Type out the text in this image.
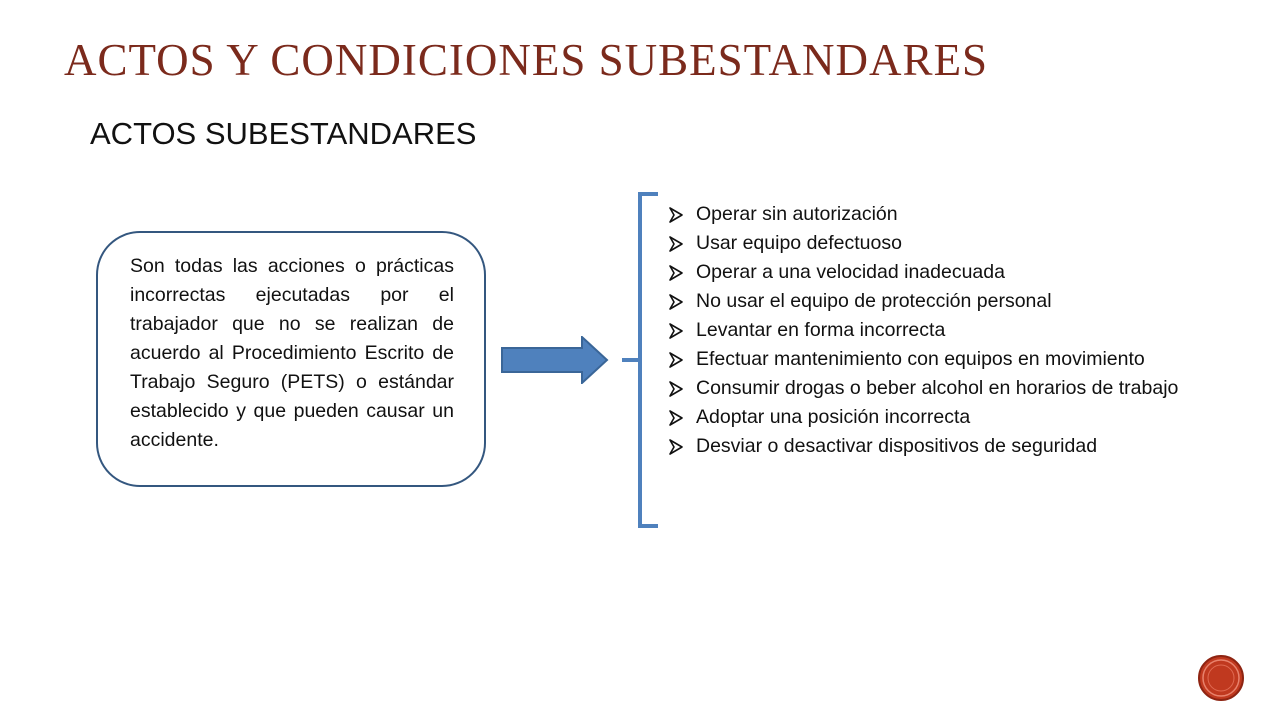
ACTOS Y CONDICIONES SUBESTANDARES
ACTOS SUBESTANDARES

Son todas las acciones o prácticas incorrectas ejecutadas por el trabajador que no se realizan de acuerdo al Procedimiento Escrito de Trabajo Seguro (PETS) o estándar establecido y que pueden causar un accidente.

Operar sin autorización
Usar equipo defectuoso
Operar a una velocidad inadecuada
No usar el equipo de protección personal
Levantar en forma incorrecta
Efectuar mantenimiento con equipos en movimiento
Consumir drogas o beber alcohol en horarios de trabajo
Adoptar una posición incorrecta
Desviar o desactivar dispositivos de seguridad
